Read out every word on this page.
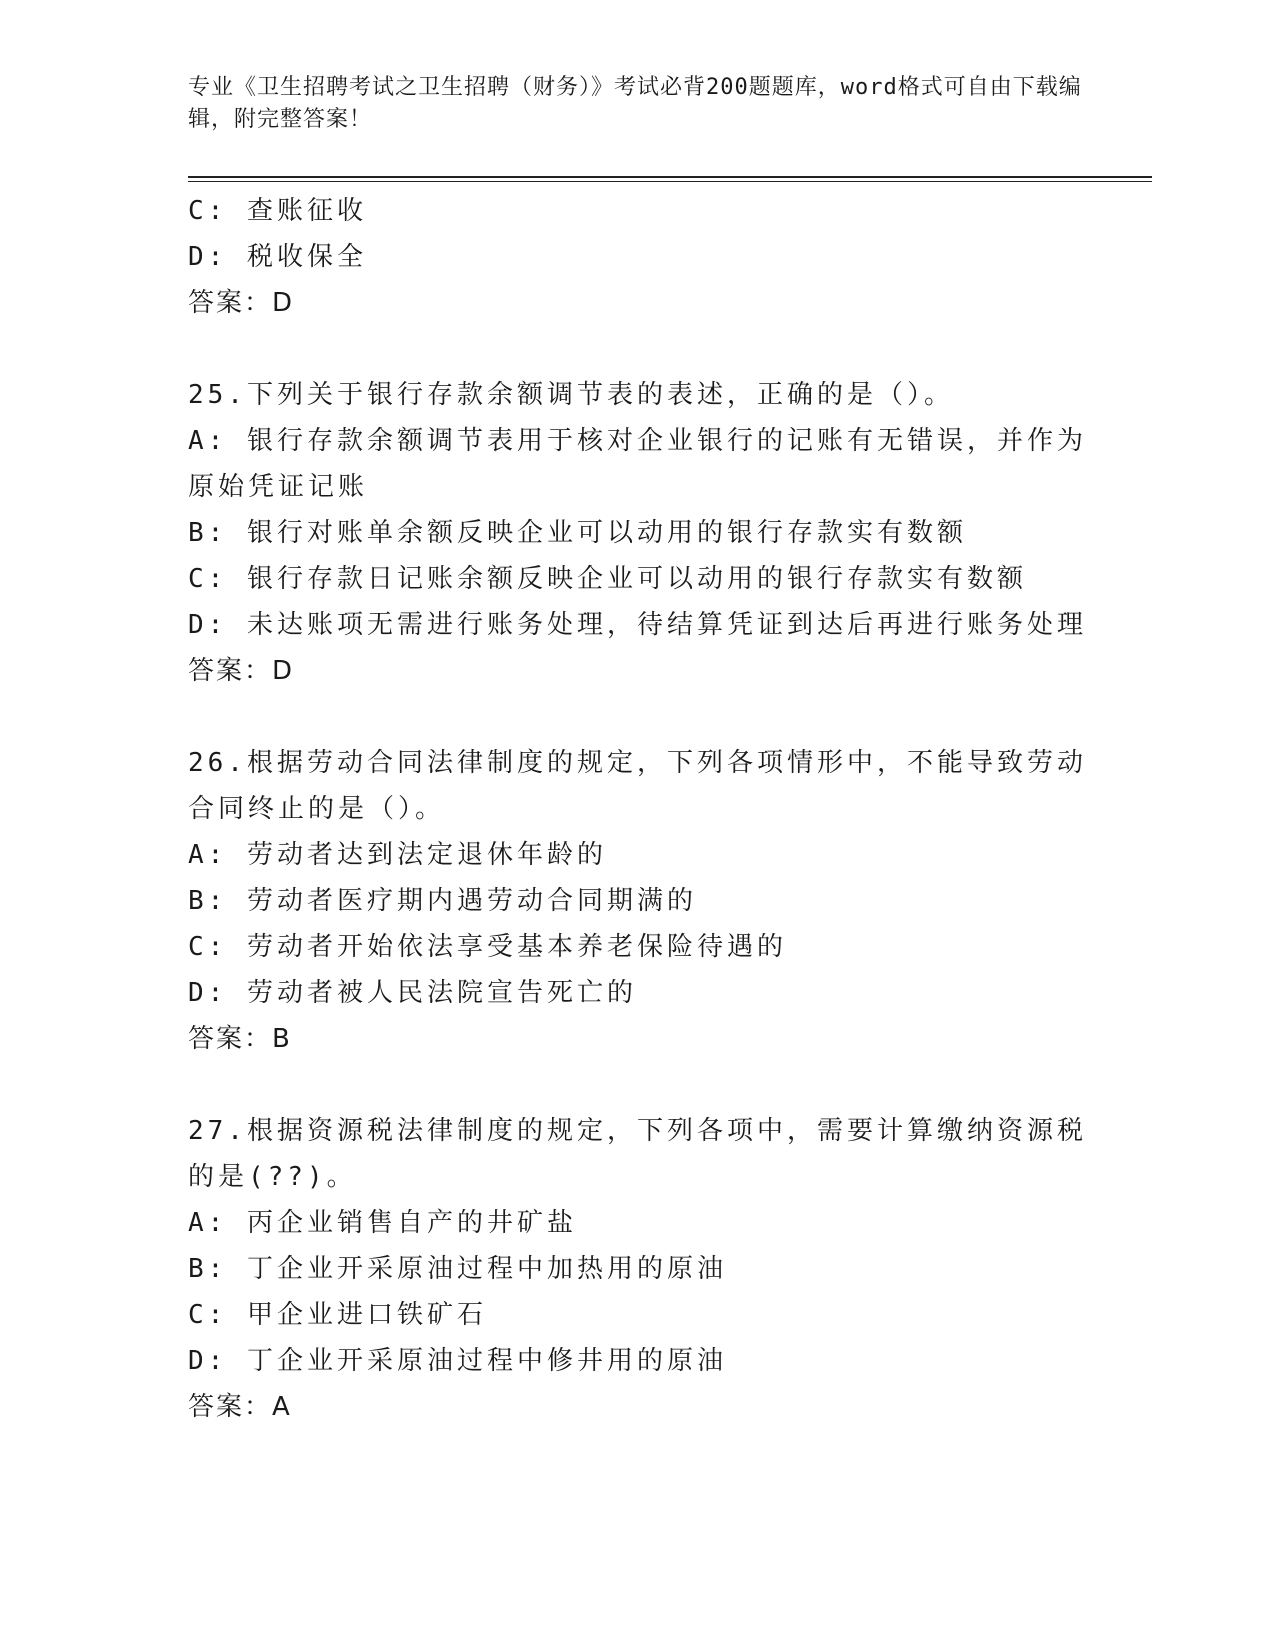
专业《卫生招聘考试之卫生招聘（财务）》考试必背200题题库，word格式可自由下载编辑，附完整答案！
C: 查账征收
D: 税收保全
答案：D
25.下列关于银行存款余额调节表的表述，正确的是（）。
A: 银行存款余额调节表用于核对企业银行的记账有无错误，并作为原始凭证记账
B: 银行对账单余额反映企业可以动用的银行存款实有数额
C: 银行存款日记账余额反映企业可以动用的银行存款实有数额
D: 未达账项无需进行账务处理，待结算凭证到达后再进行账务处理
答案：D
26.根据劳动合同法律制度的规定，下列各项情形中，不能导致劳动合同终止的是（）。
A: 劳动者达到法定退休年龄的
B: 劳动者医疗期内遇劳动合同期满的
C: 劳动者开始依法享受基本养老保险待遇的
D: 劳动者被人民法院宣告死亡的
答案：B
27.根据资源税法律制度的规定，下列各项中，需要计算缴纳资源税的是(??)。
A: 丙企业销售自产的井矿盐
B: 丁企业开采原油过程中加热用的原油
C: 甲企业进口铁矿石
D: 丁企业开采原油过程中修井用的原油
答案：A
